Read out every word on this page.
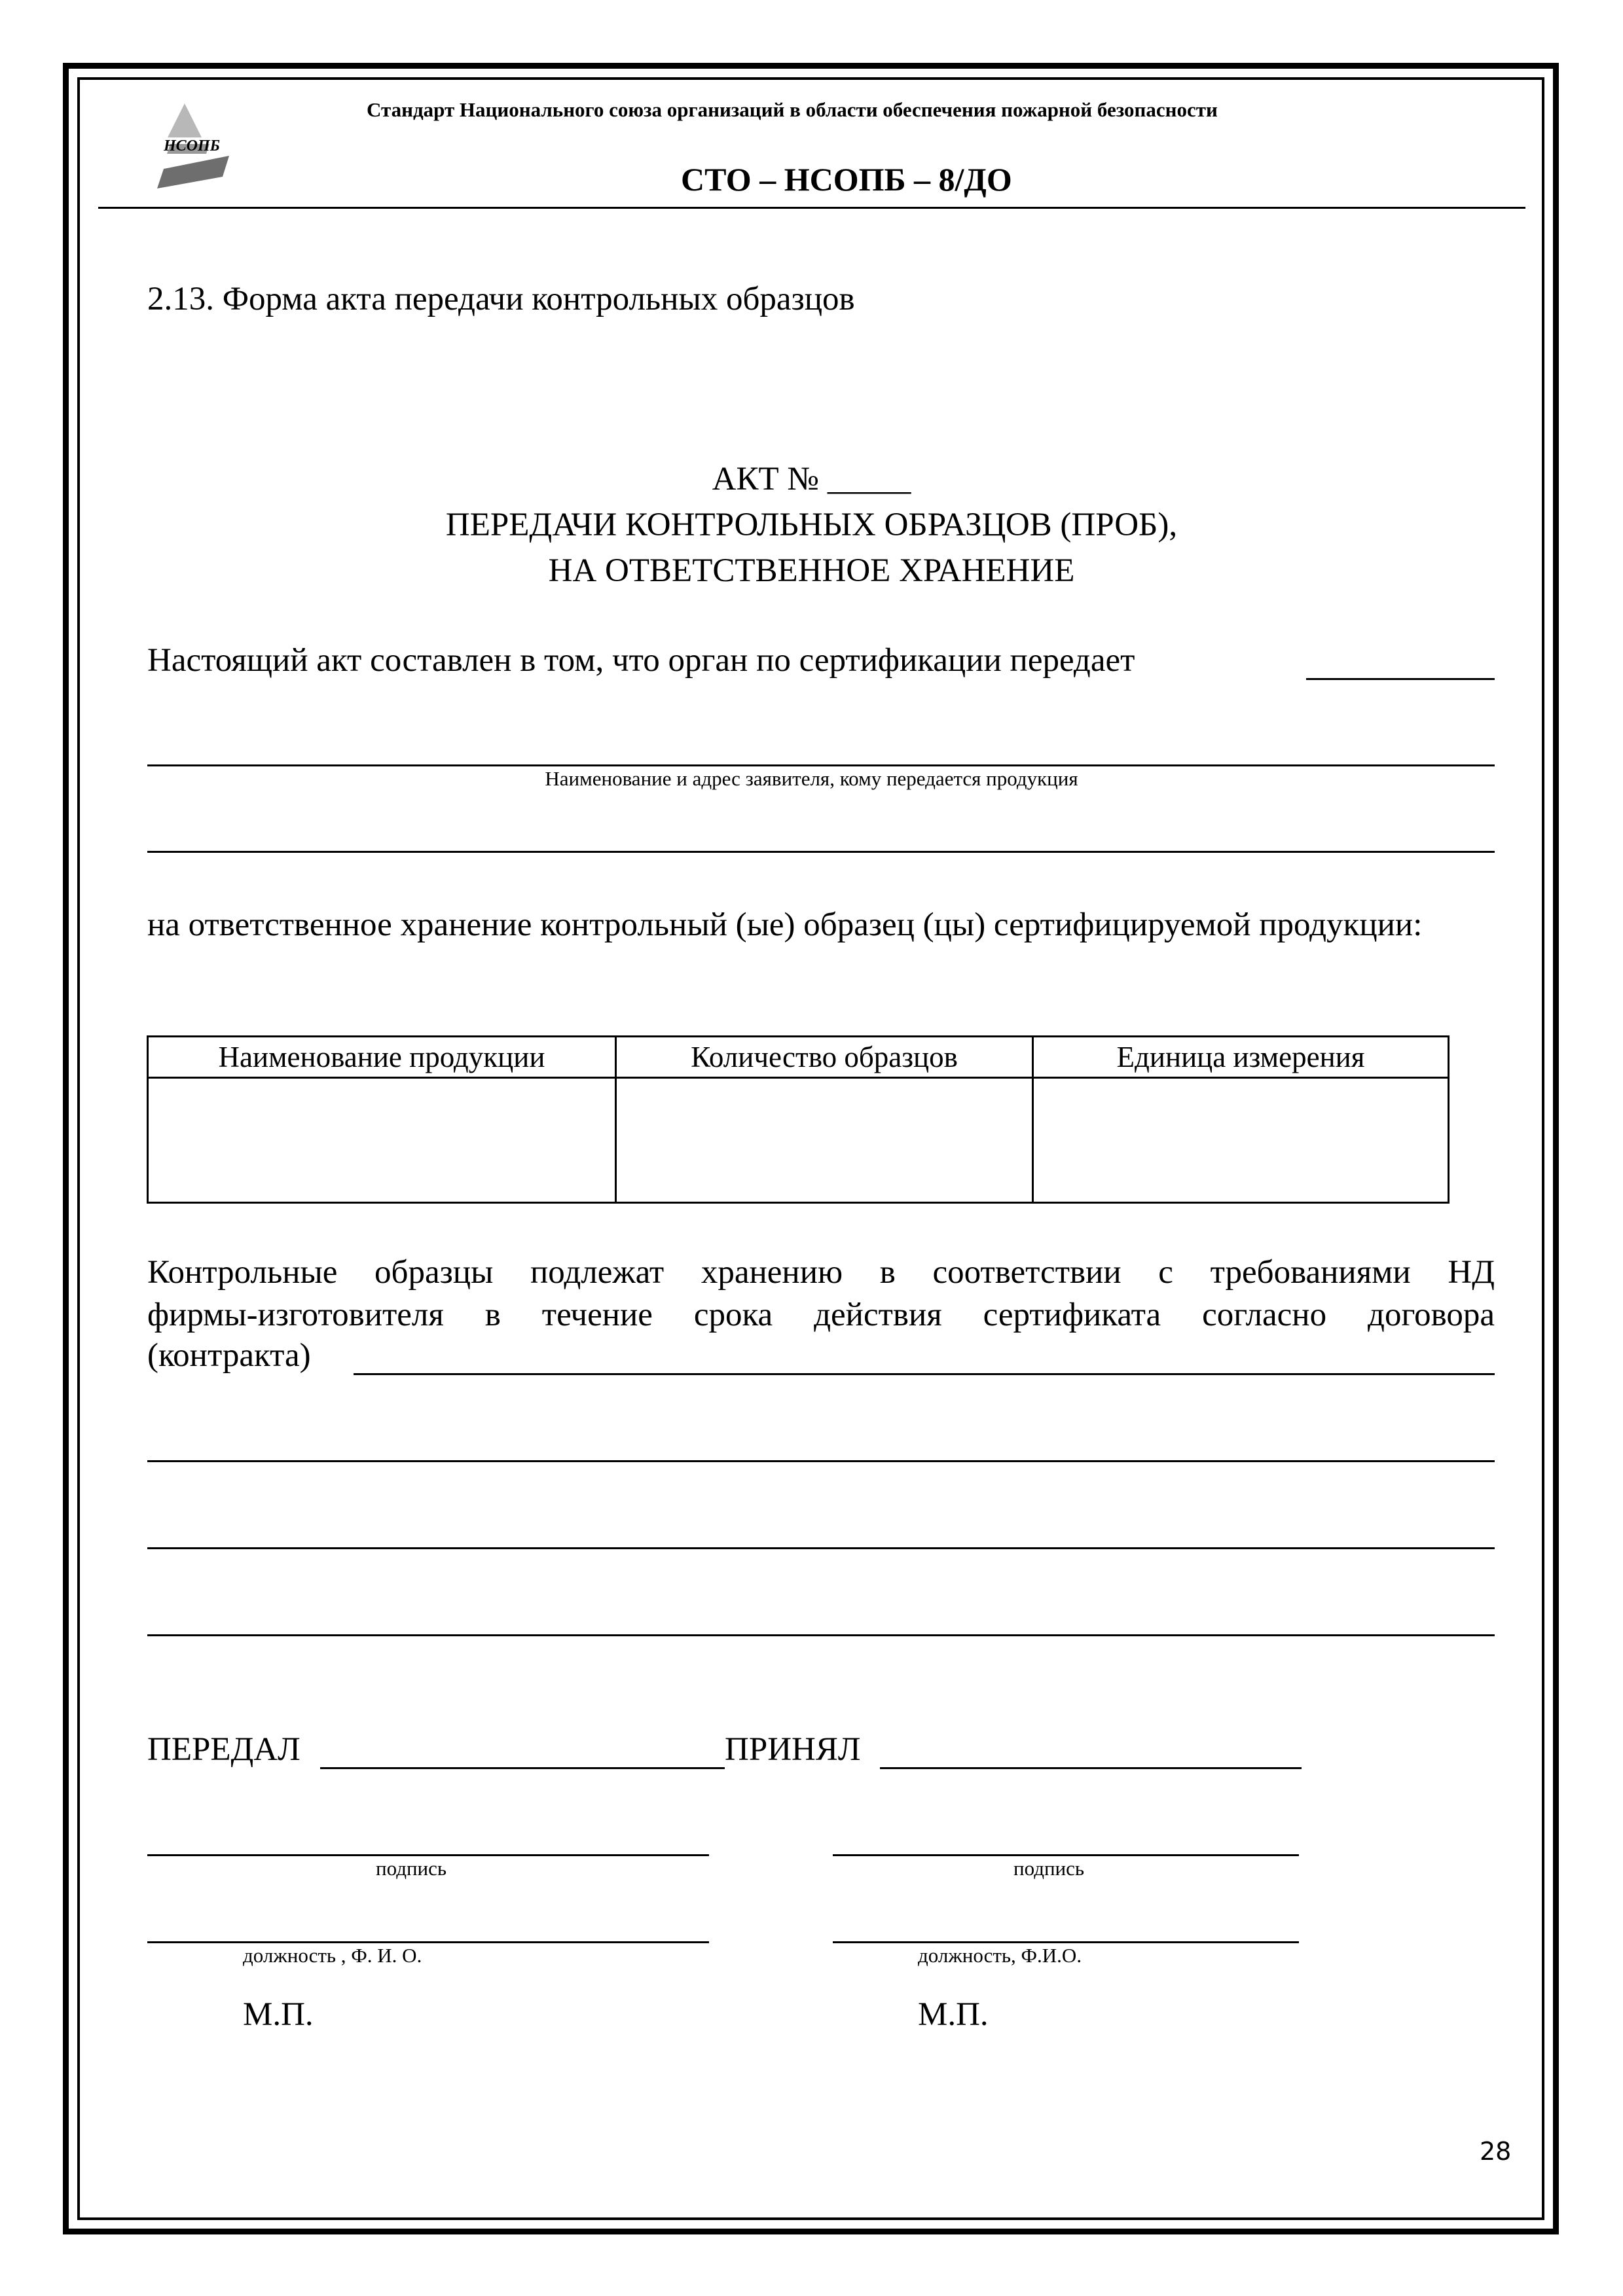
НСОПБ
Стандарт Национального союза организаций в области обеспечения пожарной безопасности
СТО – НСОПБ – 8/ДО
2.13. Форма акта передачи контрольных образцов
АКТ № _____
ПЕРЕДАЧИ КОНТРОЛЬНЫХ ОБРАЗЦОВ (ПРОБ),
НА ОТВЕТСТВЕННОЕ ХРАНЕНИЕ
Настоящий акт составлен в том, что орган по сертификации передает
Наименование и адрес заявителя, кому передается продукция
на ответственное хранение контрольный (ые) образец (цы) сертифицируемой продукции:
Наименование продукции	Количество образцов	Единица измерения

Контрольные образцы подлежат хранению в соответствии с требованиями НД
фирмы-изготовителя в течение срока действия сертификата согласно договора
(контракта)
ПЕРЕДАЛ	ПРИНЯЛ
подпись	подпись
должность , Ф. И. О.	должность, Ф.И.О.
М.П.	М.П.
28
